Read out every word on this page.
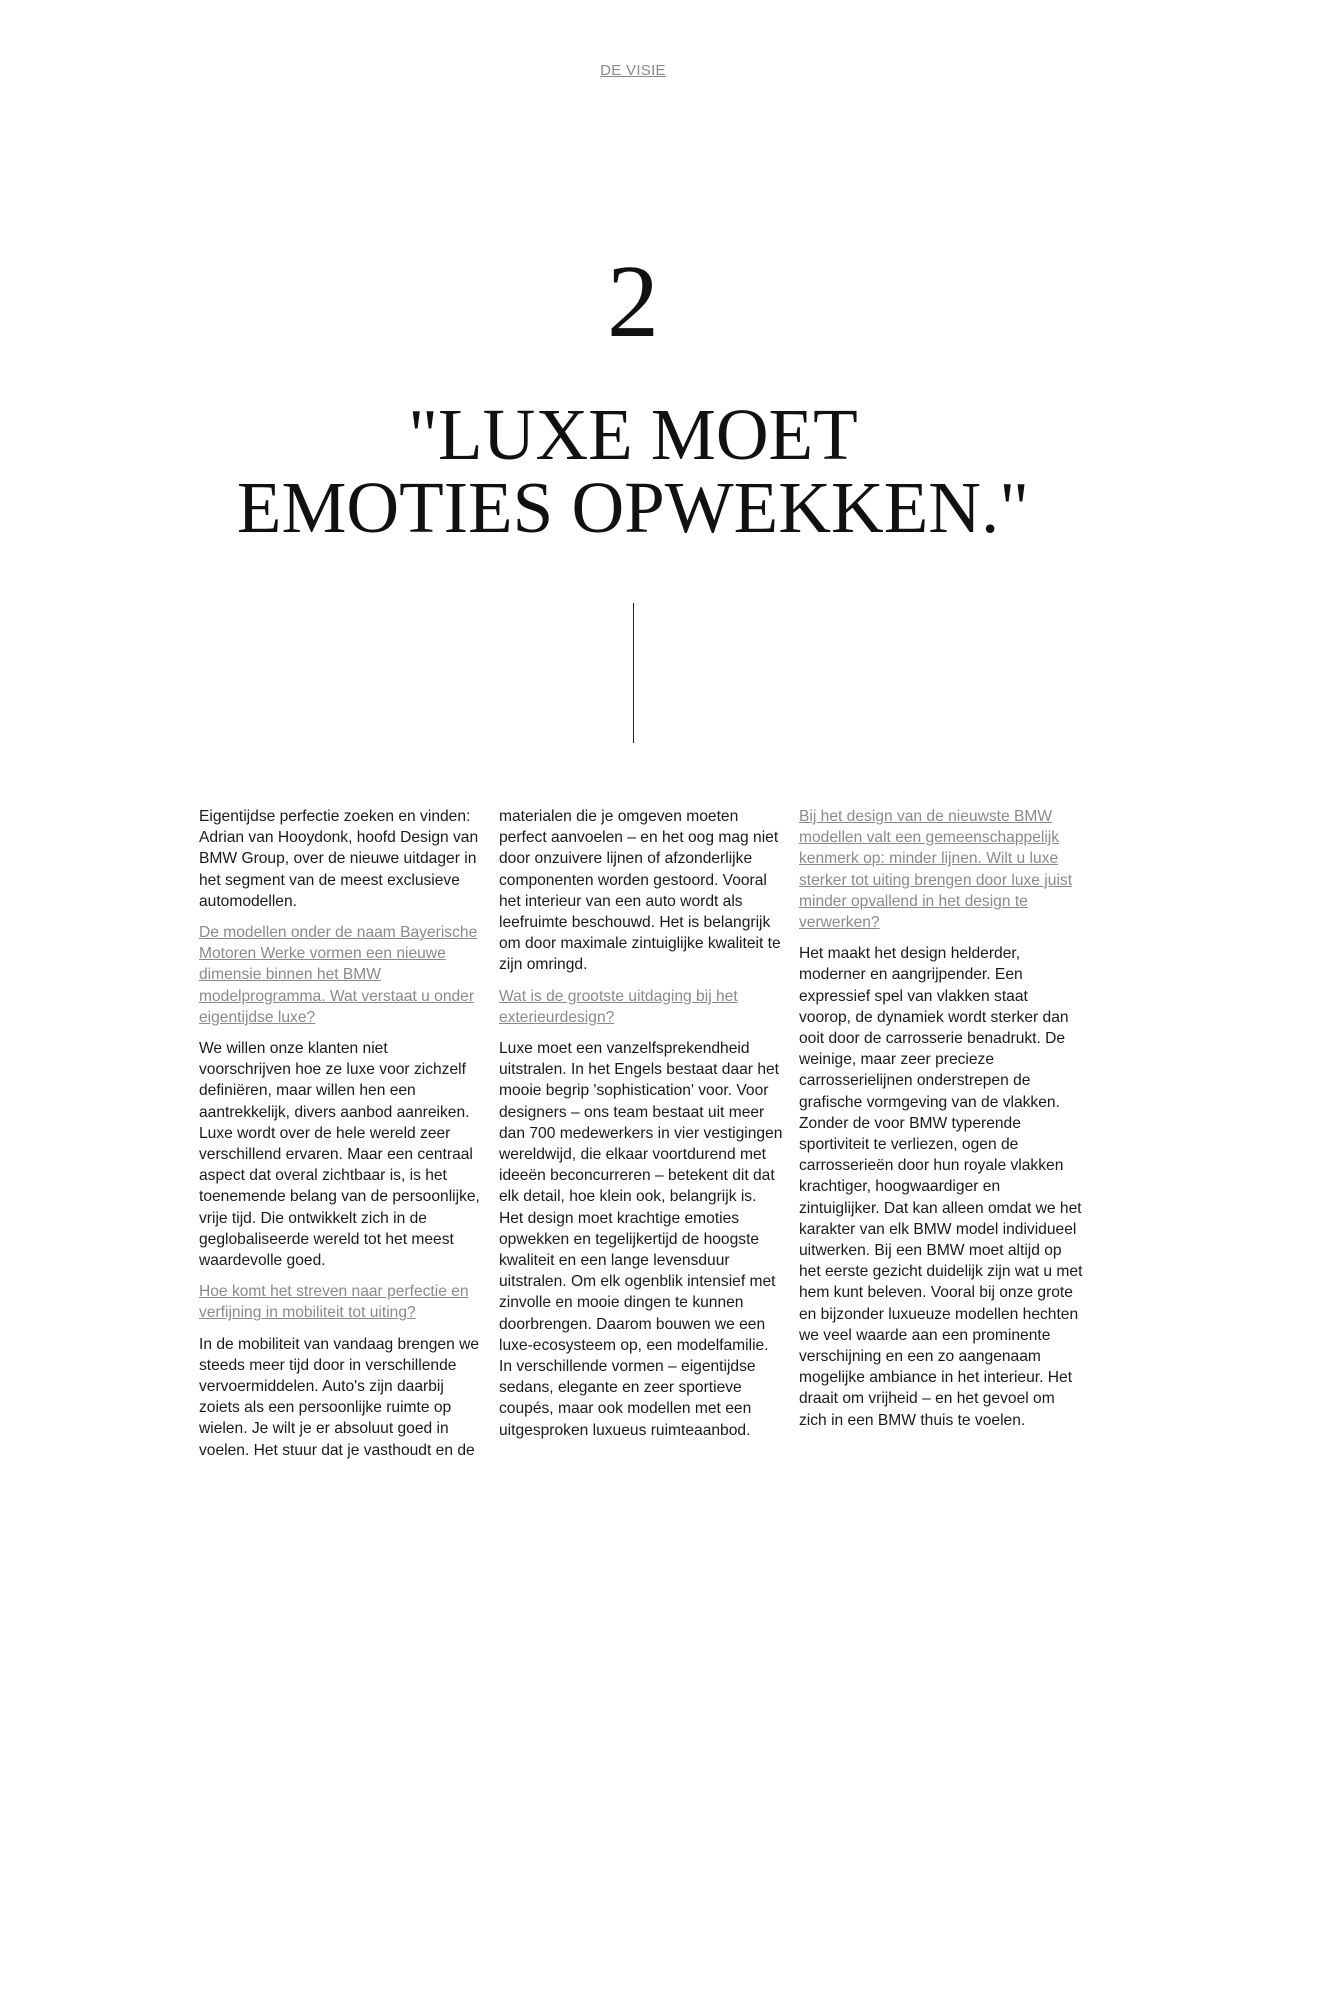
DE VISIE
2
"LUXE MOET
EMOTIES OPWEKKEN."

Eigentijdse perfectie zoeken en vinden: Adrian van Hooydonk, hoofd Design van BMW Group, over de nieuwe uitdager in het segment van de meest exclusieve automodellen.

De modellen onder de naam Bayerische Motoren Werke vormen een nieuwe dimensie binnen het BMW modelprogramma. Wat verstaat u onder eigentijdse luxe?

We willen onze klanten niet voorschrijven hoe ze luxe voor zichzelf definiëren, maar willen hen een aantrekkelijk, divers aanbod aanreiken. Luxe wordt over de hele wereld zeer verschillend ervaren. Maar een centraal aspect dat overal zichtbaar is, is het toenemende belang van de persoonlijke, vrije tijd. Die ontwikkelt zich in de geglobaliseerde wereld tot het meest waardevolle goed.

Hoe komt het streven naar perfectie en verfijning in mobiliteit tot uiting?

In de mobiliteit van vandaag brengen we steeds meer tijd door in verschillende vervoermiddelen. Auto's zijn daarbij zoiets als een persoonlijke ruimte op wielen. Je wilt je er absoluut goed in voelen. Het stuur dat je vasthoudt en de

materialen die je omgeven moeten perfect aanvoelen – en het oog mag niet door onzuivere lijnen of afzonderlijke componenten worden gestoord. Vooral het interieur van een auto wordt als leefruimte beschouwd. Het is belangrijk om door maximale zintuiglijke kwaliteit te zijn omringd.

Wat is de grootste uitdaging bij het exterieurdesign?

Luxe moet een vanzelfsprekendheid uitstralen. In het Engels bestaat daar het mooie begrip 'sophistication' voor. Voor designers – ons team bestaat uit meer dan 700 medewerkers in vier vestigingen wereldwijd, die elkaar voortdurend met ideeën beconcurreren – betekent dit dat elk detail, hoe klein ook, belangrijk is. Het design moet krachtige emoties opwekken en tegelijkertijd de hoogste kwaliteit en een lange levensduur uitstralen. Om elk ogenblik intensief met zinvolle en mooie dingen te kunnen doorbrengen. Daarom bouwen we een luxe-ecosysteem op, een modelfamilie. In verschillende vormen – eigentijdse sedans, elegante en zeer sportieve coupés, maar ook modellen met een uitgesproken luxueus ruimteaanbod.

Bij het design van de nieuwste BMW modellen valt een gemeenschappelijk kenmerk op: minder lijnen. Wilt u luxe sterker tot uiting brengen door luxe juist minder opvallend in het design te verwerken?

Het maakt het design helderder, moderner en aangrijpender. Een expressief spel van vlakken staat voorop, de dynamiek wordt sterker dan ooit door de carrosserie benadrukt. De weinige, maar zeer precieze carrosserielijnen onderstrepen de grafische vormgeving van de vlakken. Zonder de voor BMW typerende sportiviteit te verliezen, ogen de carrosserieën door hun royale vlakken krachtiger, hoogwaardiger en zintuiglijker. Dat kan alleen omdat we het karakter van elk BMW model individueel uitwerken. Bij een BMW moet altijd op het eerste gezicht duidelijk zijn wat u met hem kunt beleven. Vooral bij onze grote en bijzonder luxueuze modellen hechten we veel waarde aan een prominente verschijning en een zo aangenaam mogelijke ambiance in het interieur. Het draait om vrijheid – en het gevoel om zich in een BMW thuis te voelen.
